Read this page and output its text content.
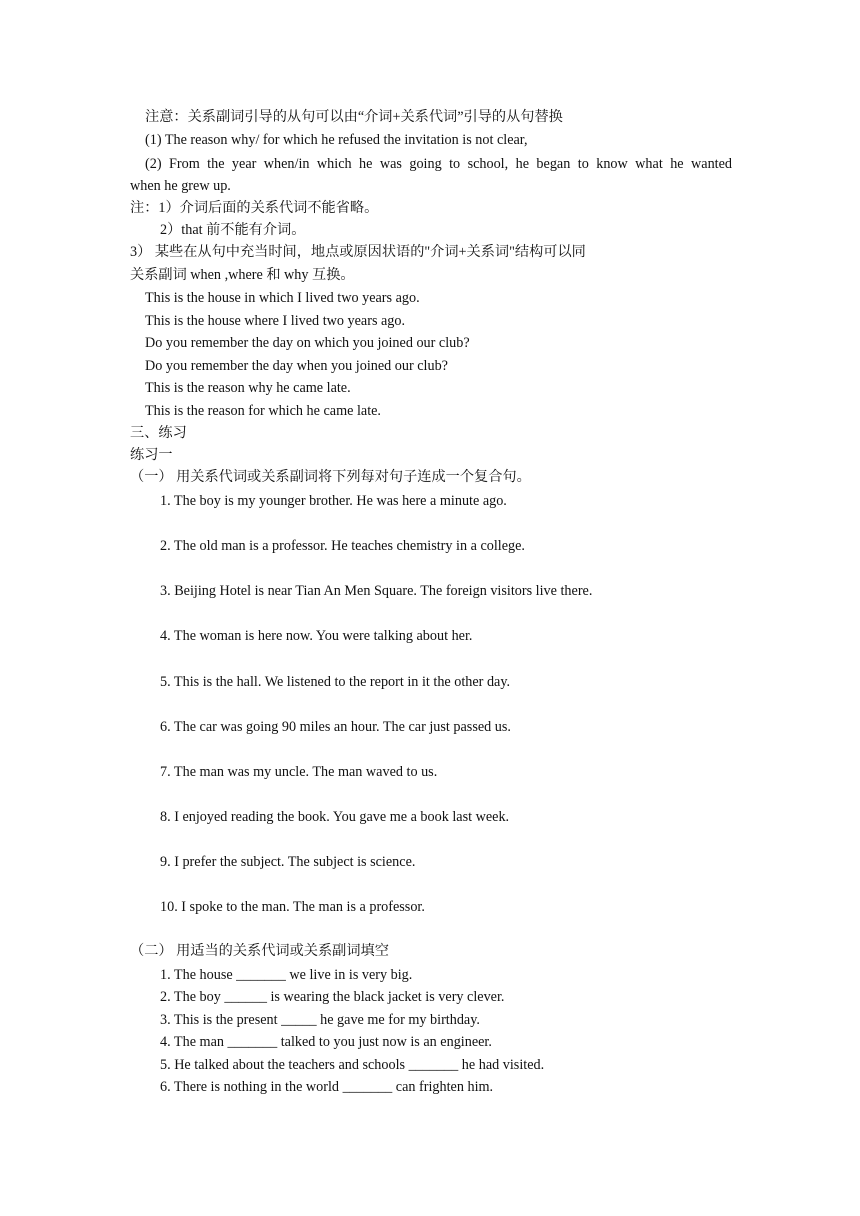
注意：关系副词引导的从句可以由“介词+关系代词”引导的从句替换
(1) The reason why/ for which he refused the invitation is not clear,
(2) From the year when/in which he was going to school, he began to know what he wanted
when he grew up.
注：1）介词后面的关系代词不能省略。
2）that 前不能有介词。
3） 某些在从句中充当时间，地点或原因状语的"介词+关系词"结构可以同
关系副词 when ,where 和 why 互换。
This is the house in which I lived two years ago.
This is the house where I lived two years ago.
Do you remember the day on which you joined our club?
Do you remember the day when you joined our club?
This is the reason why he came late.
This is the reason for which he came late.
三、练习
练习一
（一） 用关系代词或关系副词将下列每对句子连成一个复合句。
1. The boy is my younger brother. He was here a minute ago.
2. The old man is a professor. He teaches chemistry in a college.
3. Beijing Hotel is near Tian An Men Square. The foreign visitors live there.
4. The woman is here now. You were talking about her.
5. This is the hall. We listened to the report in it the other day.
6. The car was going 90 miles an hour. The car just passed us.
7. The man was my uncle. The man waved to us.
8. I enjoyed reading the book. You gave me a book last week.
9. I prefer the subject. The subject is science.
10. I spoke to the man. The man is a professor.
（二） 用适当的关系代词或关系副词填空
1. The house _______ we live in is very big.
2. The boy ______ is wearing the black jacket is very clever.
3. This is the present _____ he gave me for my birthday.
4. The man _______ talked to you just now is an engineer.
5. He talked about the teachers and schools _______ he had visited.
6. There is nothing in the world _______ can frighten him.
